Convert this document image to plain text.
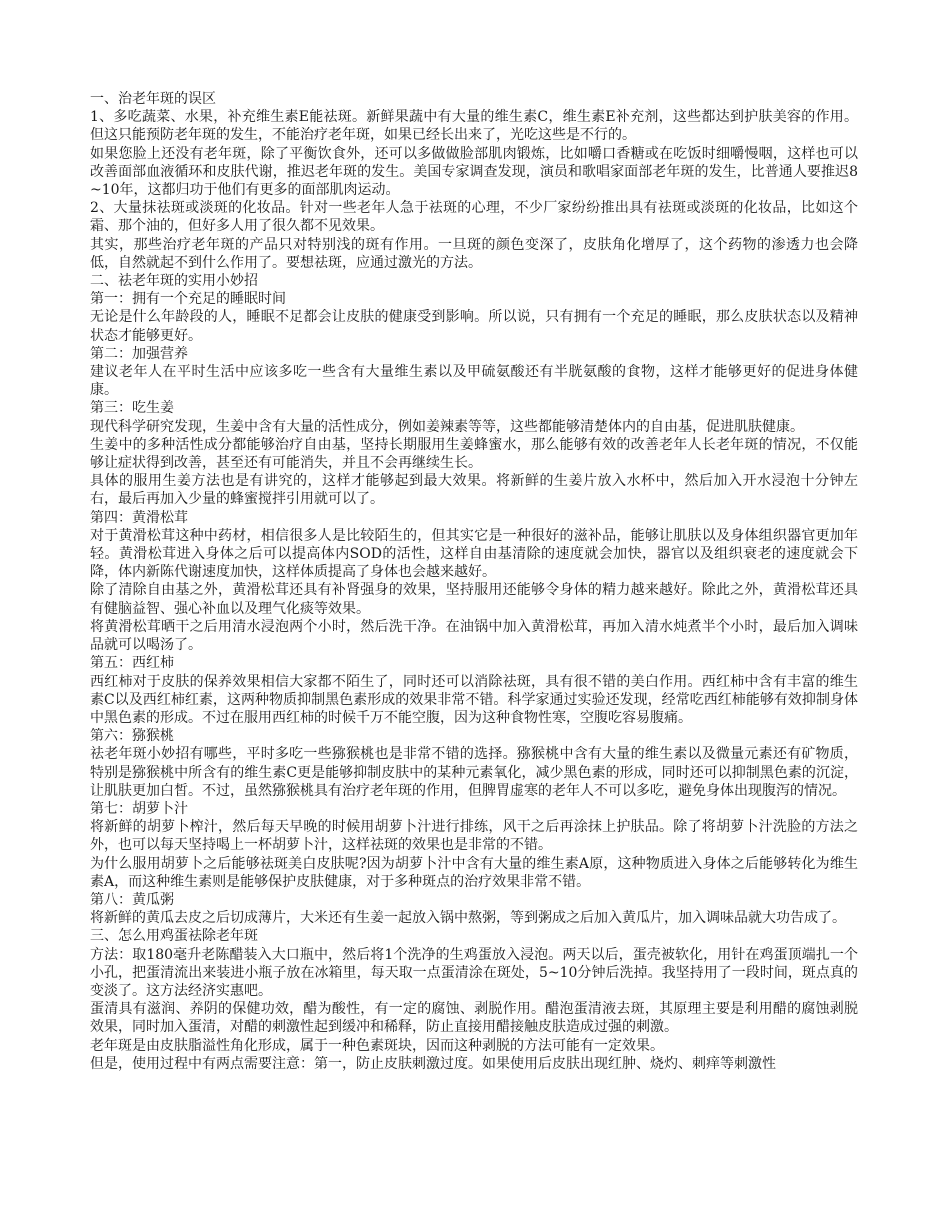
一、治老年斑的误区

1、多吃蔬菜、水果，补充维生素E能祛斑。新鲜果蔬中有大量的维生素C，维生素E补充剂，这些都达到护肤美容的作用。但这只能预防老年斑的发生，不能治疗老年斑，如果已经长出来了，光吃这些是不行的。

如果您脸上还没有老年斑，除了平衡饮食外，还可以多做做脸部肌肉锻炼，比如嚼口香糖或在吃饭时细嚼慢咽，这样也可以改善面部血液循环和皮肤代谢，推迟老年斑的发生。美国专家调查发现，演员和歌唱家面部老年斑的发生，比普通人要推迟8~10年，这都归功于他们有更多的面部肌肉运动。

2、大量抹祛斑或淡斑的化妆品。针对一些老年人急于祛斑的心理，不少厂家纷纷推出具有祛斑或淡斑的化妆品，比如这个霜、那个油的，但好多人用了很久都不见效果。

其实，那些治疗老年斑的产品只对特别浅的斑有作用。一旦斑的颜色变深了，皮肤角化增厚了，这个药物的渗透力也会降低，自然就起不到什么作用了。要想祛斑，应通过激光的方法。

二、祛老年斑的实用小妙招

第一：拥有一个充足的睡眠时间

无论是什么年龄段的人，睡眠不足都会让皮肤的健康受到影响。所以说，只有拥有一个充足的睡眠，那么皮肤状态以及精神状态才能够更好。

第二：加强营养

建议老年人在平时生活中应该多吃一些含有大量维生素以及甲硫氨酸还有半胱氨酸的食物，这样才能够更好的促进身体健康。

第三：吃生姜

现代科学研究发现，生姜中含有大量的活性成分，例如姜辣素等等，这些都能够清楚体内的自由基，促进肌肤健康。

生姜中的多种活性成分都能够治疗自由基，坚持长期服用生姜蜂蜜水，那么能够有效的改善老年人长老年斑的情况，不仅能够让症状得到改善，甚至还有可能消失，并且不会再继续生长。

具体的服用生姜方法也是有讲究的，这样才能够起到最大效果。将新鲜的生姜片放入水杯中，然后加入开水浸泡十分钟左右，最后再加入少量的蜂蜜搅拌引用就可以了。

第四：黄滑松茸

对于黄滑松茸这种中药材，相信很多人是比较陌生的，但其实它是一种很好的滋补品，能够让肌肤以及身体组织器官更加年轻。黄滑松茸进入身体之后可以提高体内SOD的活性，这样自由基清除的速度就会加快，器官以及组织衰老的速度就会下降，体内新陈代谢速度加快，这样体质提高了身体也会越来越好。

除了清除自由基之外，黄滑松茸还具有补肾强身的效果，坚持服用还能够令身体的精力越来越好。除此之外，黄滑松茸还具有健脑益智、强心补血以及理气化痰等效果。

将黄滑松茸晒干之后用清水浸泡两个小时，然后洗干净。在油锅中加入黄滑松茸，再加入清水炖煮半个小时，最后加入调味品就可以喝汤了。

第五：西红柿

西红柿对于皮肤的保养效果相信大家都不陌生了，同时还可以消除祛斑，具有很不错的美白作用。西红柿中含有丰富的维生素C以及西红柿红素，这两种物质抑制黑色素形成的效果非常不错。科学家通过实验还发现，经常吃西红柿能够有效抑制身体中黑色素的形成。不过在服用西红柿的时候千万不能空腹，因为这种食物性寒，空腹吃容易腹痛。

第六：猕猴桃

祛老年斑小妙招有哪些，平时多吃一些猕猴桃也是非常不错的选择。猕猴桃中含有大量的维生素以及微量元素还有矿物质，特别是猕猴桃中所含有的维生素C更是能够抑制皮肤中的某种元素氧化，减少黑色素的形成，同时还可以抑制黑色素的沉淀，让肌肤更加白皙。不过，虽然猕猴桃具有治疗老年斑的作用，但脾胃虚寒的老年人不可以多吃，避免身体出现腹泻的情况。

第七：胡萝卜汁

将新鲜的胡萝卜榨汁，然后每天早晚的时候用胡萝卜汁进行排练，风干之后再涂抹上护肤品。除了将胡萝卜汁洗脸的方法之外，也可以每天坚持喝上一杯胡萝卜汁，这样祛斑的效果也是非常的不错。

为什么服用胡萝卜之后能够祛斑美白皮肤呢?因为胡萝卜汁中含有大量的维生素A原，这种物质进入身体之后能够转化为维生素A，而这种维生素则是能够保护皮肤健康，对于多种斑点的治疗效果非常不错。

第八：黄瓜粥

将新鲜的黄瓜去皮之后切成薄片，大米还有生姜一起放入锅中熬粥，等到粥成之后加入黄瓜片，加入调味品就大功告成了。

三、怎么用鸡蛋祛除老年斑

方法：取180毫升老陈醋装入大口瓶中，然后将1个洗净的生鸡蛋放入浸泡。两天以后，蛋壳被软化，用针在鸡蛋顶端扎一个小孔，把蛋清流出来装进小瓶子放在冰箱里，每天取一点蛋清涂在斑处，5~10分钟后洗掉。我坚持用了一段时间，斑点真的变淡了。这方法经济实惠吧。

蛋清具有滋润、养阴的保健功效，醋为酸性，有一定的腐蚀、剥脱作用。醋泡蛋清液去斑，其原理主要是利用醋的腐蚀剥脱效果，同时加入蛋清，对醋的刺激性起到缓冲和稀释，防止直接用醋接触皮肤造成过强的刺激。

老年斑是由皮肤脂溢性角化形成，属于一种色素斑块，因而这种剥脱的方法可能有一定效果。

但是，使用过程中有两点需要注意：第一，防止皮肤刺激过度。如果使用后皮肤出现红肿、烧灼、刺痒等刺激性
